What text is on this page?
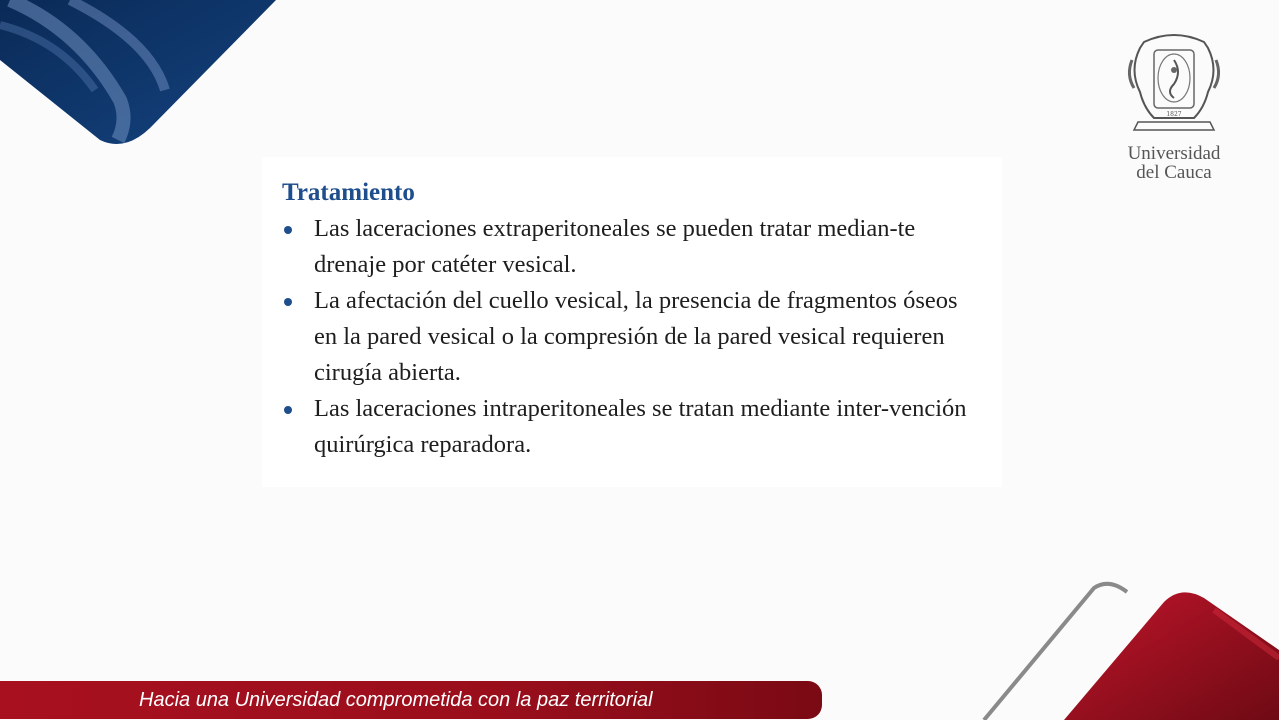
1827
Universidad
del Cauca
Tratamiento
Las laceraciones extraperitoneales se pueden tratar median-te drenaje por catéter vesical.
La afectación del cuello vesical, la presencia de fragmentos óseos en la pared vesical o la compresión de la pared vesical requieren cirugía abierta.
Las laceraciones intraperitoneales se tratan mediante inter-vención quirúrgica reparadora.
Hacia una Universidad comprometida con la paz territorial
